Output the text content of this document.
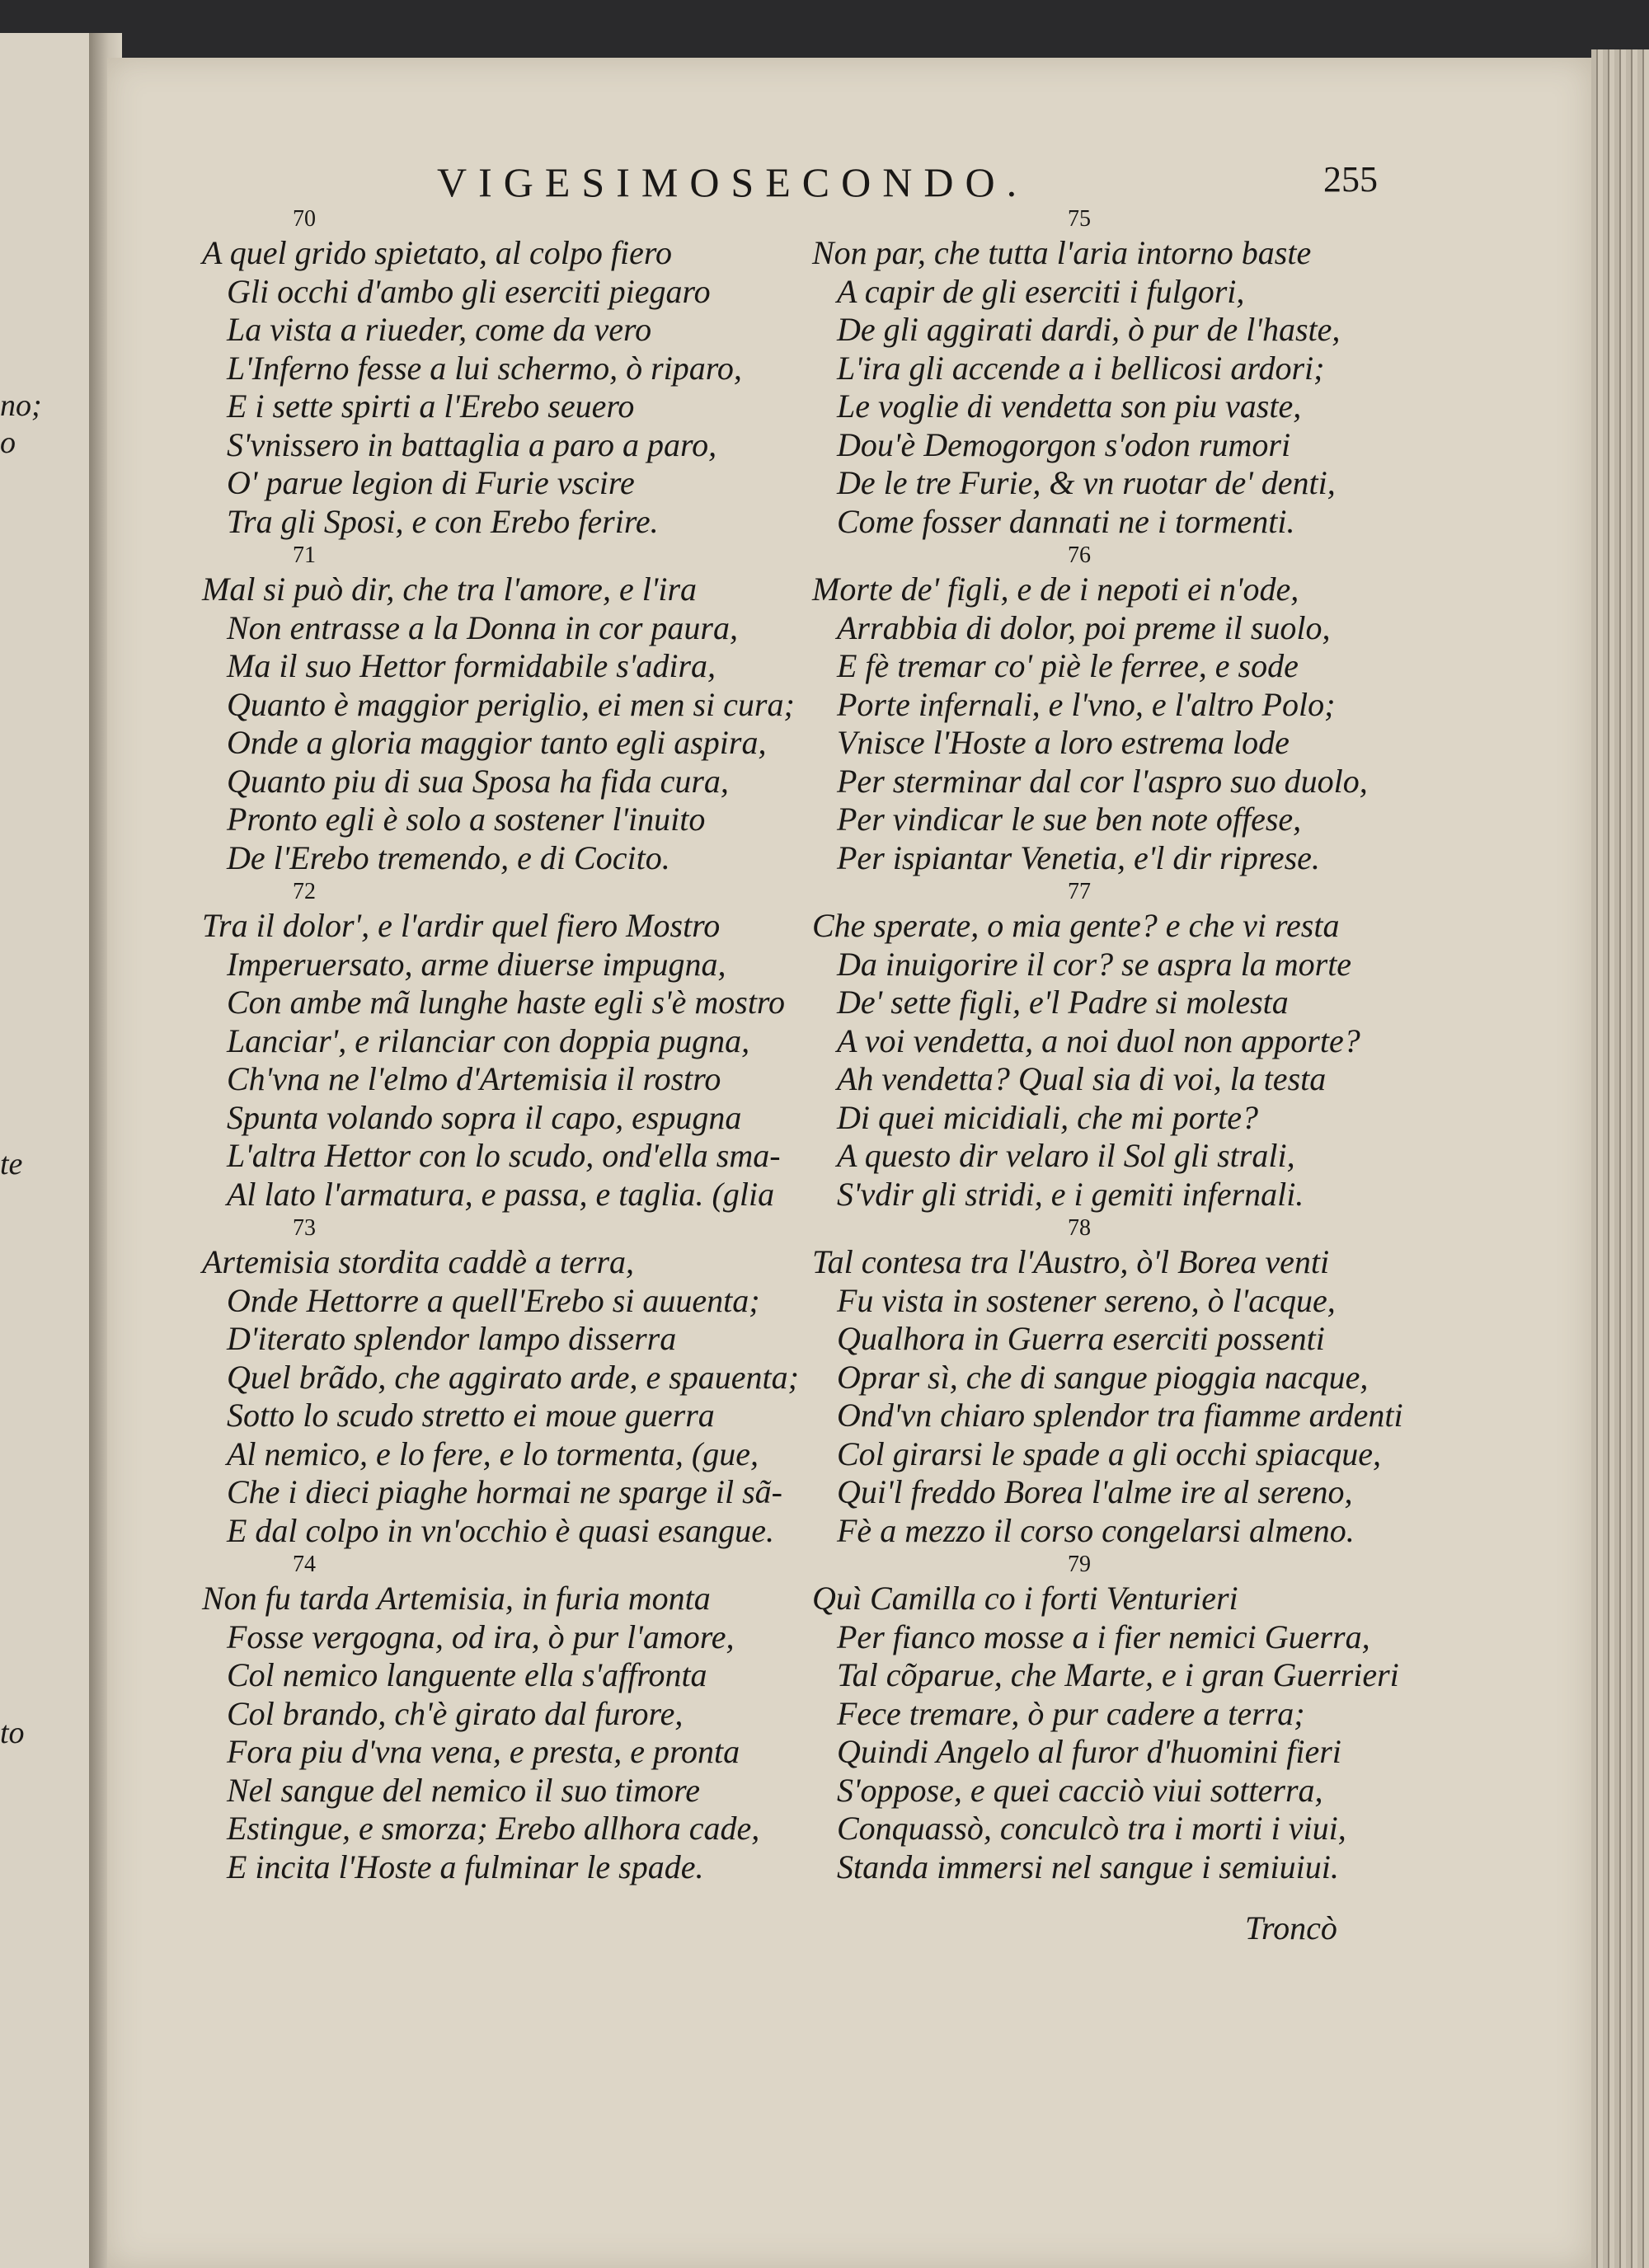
no;
o
te
to
VIGESIMOSECONDO.	255
70
A quel grido spietato, al colpo fiero
Gli occhi d'ambo gli eserciti piegaro
La vista a riueder, come da vero
L'Inferno fesse a lui schermo, ò riparo,
E i sette spirti a l'Erebo seuero
S'vnissero in battaglia a paro a paro,
O' parue legion di Furie vscire
Tra gli Sposi, e con Erebo ferire.
71
Mal si può dir, che tra l'amore, e l'ira
Non entrasse a la Donna in cor paura,
Ma il suo Hettor formidabile s'adira,
Quanto è maggior periglio, ei men si cura;
Onde a gloria maggior tanto egli aspira,
Quanto piu di sua Sposa ha fida cura,
Pronto egli è solo a sostener l'inuito
De l'Erebo tremendo, e di Cocito.
72
Tra il dolor', e l'ardir quel fiero Mostro
Imperuersato, arme diuerse impugna,
Con ambe mã lunghe haste egli s'è mostro
Lanciar', e rilanciar con doppia pugna,
Ch'vna ne l'elmo d'Artemisia il rostro
Spunta volando sopra il capo, espugna
L'altra Hettor con lo scudo, ond'ella sma-
Al lato l'armatura, e passa, e taglia. (glia
73
Artemisia stordita caddè a terra,
Onde Hettorre a quell'Erebo si auuenta;
D'iterato splendor lampo disserra
Quel brãdo, che aggirato arde, e spauenta;
Sotto lo scudo stretto ei moue guerra
Al nemico, e lo fere, e lo tormenta, (gue,
Che i dieci piaghe hormai ne sparge il sã-
E dal colpo in vn'occhio è quasi esangue.
74
Non fu tarda Artemisia, in furia monta
Fosse vergogna, od ira, ò pur l'amore,
Col nemico languente ella s'affronta
Col brando, ch'è girato dal furore,
Fora piu d'vna vena, e presta, e pronta
Nel sangue del nemico il suo timore
Estingue, e smorza; Erebo allhora cade,
E incita l'Hoste a fulminar le spade.
75
Non par, che tutta l'aria intorno baste
A capir de gli eserciti i fulgori,
De gli aggirati dardi, ò pur de l'haste,
L'ira gli accende a i bellicosi ardori;
Le voglie di vendetta son piu vaste,
Dou'è Demogorgon s'odon rumori
De le tre Furie, & vn ruotar de' denti,
Come fosser dannati ne i tormenti.
76
Morte de' figli, e de i nepoti ei n'ode,
Arrabbia di dolor, poi preme il suolo,
E fè tremar co' piè le ferree, e sode
Porte infernali, e l'vno, e l'altro Polo;
Vnisce l'Hoste a loro estrema lode
Per sterminar dal cor l'aspro suo duolo,
Per vindicar le sue ben note offese,
Per ispiantar Venetia, e'l dir riprese.
77
Che sperate, o mia gente? e che vi resta
Da inuigorire il cor? se aspra la morte
De' sette figli, e'l Padre si molesta
A voi vendetta, a noi duol non apporte?
Ah vendetta? Qual sia di voi, la testa
Di quei micidiali, che mi porte?
A questo dir velaro il Sol gli strali,
S'vdir gli stridi, e i gemiti infernali.
78
Tal contesa tra l'Austro, ò'l Borea venti
Fu vista in sostener sereno, ò l'acque,
Qualhora in Guerra eserciti possenti
Oprar sì, che di sangue pioggia nacque,
Ond'vn chiaro splendor tra fiamme ardenti
Col girarsi le spade a gli occhi spiacque,
Qui'l freddo Borea l'alme ire al sereno,
Fè a mezzo il corso congelarsi almeno.
79
Quì Camilla co i forti Venturieri
Per fianco mosse a i fier nemici Guerra,
Tal cõparue, che Marte, e i gran Guerrieri
Fece tremare, ò pur cadere a terra;
Quindi Angelo al furor d'huomini fieri
S'oppose, e quei cacciò viui sotterra,
Conquassò, conculcò tra i morti i viui,
Standa immersi nel sangue i semiuiui.
Troncò
